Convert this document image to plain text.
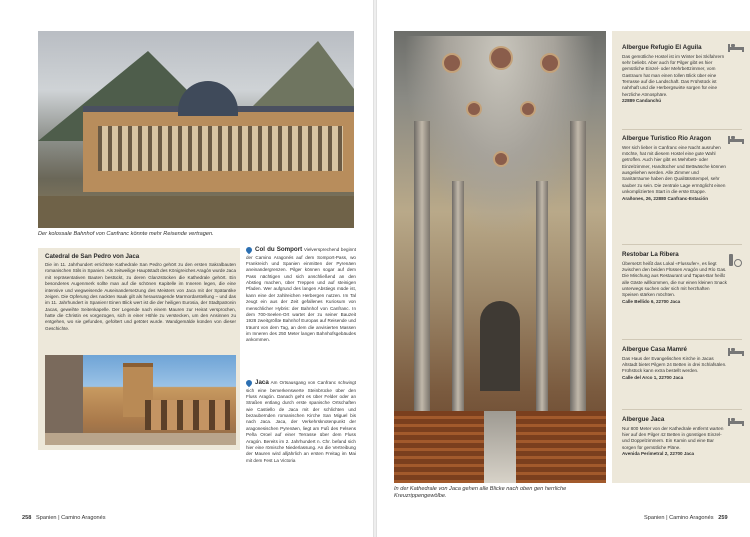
Der kolossale Bahnhof von Canfranc könnte mehr Reisende vertragen.
Catedral de San Pedro von Jaca
Die im 11. Jahrhundert errichtete Kathedrale San Pedro gehört zu den ersten Sakralbauten romanischen Stils in Spanien. Als zeitweilige Hauptstadt des Königreiches Aragón wurde Jaca mit repräsentativen Bauten bestückt, zu deren Glanzstücken die Kathedrale gehört. Ein besonderes Augenmerk sollte man auf die schönen Kapitelle im Inneren legen, die eine intensive und wegweisende Auseinandersetzung des Meisters von Jaca mit der Spätantike zeigen. Die Opferung des nackten Isaak gilt als herausragende Marmordarstellung – und das im 11. Jahrhundert in Spanien! Einen Blick wert ist die der heiligen Eurosia, der Stadtpatronin Jacas, geweihte Seitenkapelle. Der Legende nach einem Mauren zur Heirat versprochen, hatte die Christin es vorgezogen, sich in einer Höhle zu verstecken, um den Ansinnen zu entgehen, wo sie gefunden, gefoltert und getötet wurde. Wandgemälde künden von dieser Geschichte.
Col du Somport Vielversprechend beginnt der Camino Aragonés auf dem Somport-Pass, wo Frankreich und Spanien einmitten der Pyrenäen aneinandergrenzen. Pilger können sogar auf dem Pass nächtigen und sich anschließend an den Abstieg machen, über Treppen und auf steinigen Pfaden. Wer aufgrund des langen Abstiegs müde ist, kann eine der zahlreichen Herbergen nutzen. Im Tal zeugt ein aus der Zeit gefallenes Kuriosum von menschlicher Hybris: der Bahnhof von Canfranc. In dem 700-Seelen-Ort wartet der zu seiner Bauzeit 1928 zweitgrößte Bahnhof Europas auf Reisende und träumt von dem Tag, an dem die anvisierten Massen im Inneren des 250 Meter langen Bahnhofsgebäudes ankommen.
Jaca Am Ortsausgang von Canfranc schwingt sich eine bemerkenswerte Steinbrücke über den Fluss Aragón. Danach geht es über Felder oder an Straßen entlang durch erste spanische Ortschaften wie Castiello de Jaca mit der schlichten und bezaubernden romanischen Kirche San Miguel bis nach Jaca. Jaca, der Verkehrsknotenpunkt der aragonesischen Pyrenäen, liegt am Fuß des Felsens Peña Oroel auf einer Terrasse über dem Fluss Aragón. Bereits im 2. Jahrhundert n. Chr. befand sich hier eine römische Niederlassung. An die Vertreibung der Mauren wird alljährlich an ersten Freitag im Mai mit dem Fest La Victoria
258 Spanien | Camino Aragonés
In der Kathedrale von Jaca gehen alle Blicke nach oben gen herrliche Kreuzrippengewölbe.
Albergue Refugio El Aguila
Das gemütliche Hostel ist im Winter bei Skifahrern sehr beliebt. Aber auch für Pilger gibt es hier gemütliche Einzel- oder Mehrbettzimmer, vom Gastraum hat man einen tollen Blick über eine Terrasse auf die Landschaft. Das Frühstück ist nahrhaft und die Herbergswirte sorgen für eine herzliche Atmosphäre.
22889 Candanchú
Albergue Turistico Rio Aragon
Wer sich lieber in Canfranc eine Nacht ausruhen möchte, hat mit diesem Hostel eine gute Wahl getroffen. Auch hier gibt es Mehrbett- oder Einzelzimmer, Handtücher und Bettwäsche können ausgeliehen werden. Alle Zimmer und Sanitärräume haben den Qualitätsstempel, sehr sauber zu sein. Die zentrale Lage ermöglicht einen unkomplizierten Start in die erste Etappe.
Arañones, 26, 22880 Canfranc-Estación
Restobar La Ribera
Übersetzt heißt das Lokal «Flussufer», es liegt zwischen den beiden Flüssen Aragón und Río Gas. Die Mischung aus Restaurant und Tapas-Bar heißt alle Gäste willkommen, die nur einen kleinen Snack unterwegs suchen oder sich mit herzhaften Speisen stärken möchten.
Calle Bellido 6, 22700 Jaca
Albergue Casa Mamré
Das Haus der Evangelischen Kirche in Jacas Altstadt bietet Pilgern 24 Betten in drei Schlafsälen. Frühstück kann extra bestellt werden.
Calle del Arco 1, 22700 Jaca
Albergue Jaca
Nur 800 Meter von der Kathedrale entfernt warten hier auf den Pilger 42 Betten in günstigen Einzel- und Doppelzimmern. Ein Kamin und eine Bar sorgen für gemütliche Pläne.
Avenida Perimetral 2, 22700 Jaca
Spanien | Camino Aragonés 259
